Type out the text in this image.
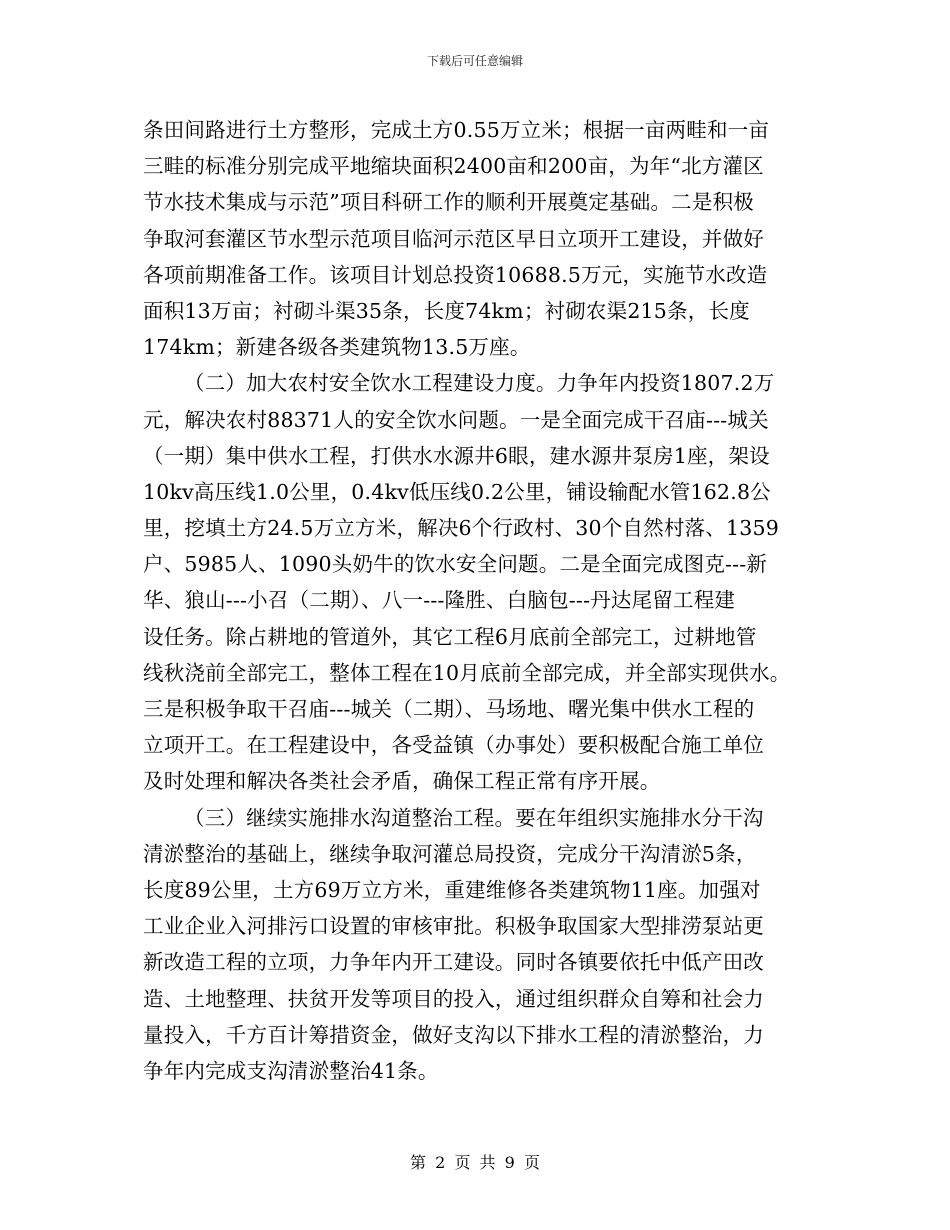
下载后可任意编辑
条田间路进行土方整形，完成土方0.55万立米；根据一亩两畦和一亩
三畦的标准分别完成平地缩块面积2400亩和200亩，为年“北方灌区
节水技术集成与示范”项目科研工作的顺利开展奠定基础。二是积极
争取河套灌区节水型示范项目临河示范区早日立项开工建设，并做好
各项前期准备工作。该项目计划总投资10688.5万元，实施节水改造
面积13万亩；衬砌斗渠35条，长度74km；衬砌农渠215条，长度
174km；新建各级各类建筑物13.5万座。
（二）加大农村安全饮水工程建设力度。力争年内投资1807.2万
元，解决农村88371人的安全饮水问题。一是全面完成干召庙---城关
（一期）集中供水工程，打供水水源井6眼，建水源井泵房1座，架设
10kv高压线1.0公里，0.4kv低压线0.2公里，铺设输配水管162.8公
里，挖填土方24.5万立方米，解决6个行政村、30个自然村落、1359
户、5985人、1090头奶牛的饮水安全问题。二是全面完成图克---新
华、狼山---小召（二期）、八一---隆胜、白脑包---丹达尾留工程建
设任务。除占耕地的管道外，其它工程6月底前全部完工，过耕地管
线秋浇前全部完工，整体工程在10月底前全部完成，并全部实现供水。
三是积极争取干召庙---城关（二期）、马场地、曙光集中供水工程的
立项开工。在工程建设中，各受益镇（办事处）要积极配合施工单位
及时处理和解决各类社会矛盾，确保工程正常有序开展。
（三）继续实施排水沟道整治工程。要在年组织实施排水分干沟
清淤整治的基础上，继续争取河灌总局投资，完成分干沟清淤5条，
长度89公里，土方69万立方米，重建维修各类建筑物11座。加强对
工业企业入河排污口设置的审核审批。积极争取国家大型排涝泵站更
新改造工程的立项，力争年内开工建设。同时各镇要依托中低产田改
造、土地整理、扶贫开发等项目的投入，通过组织群众自筹和社会力
量投入，千方百计筹措资金，做好支沟以下排水工程的清淤整治，力
争年内完成支沟清淤整治41条。
第 2 页 共 9 页
